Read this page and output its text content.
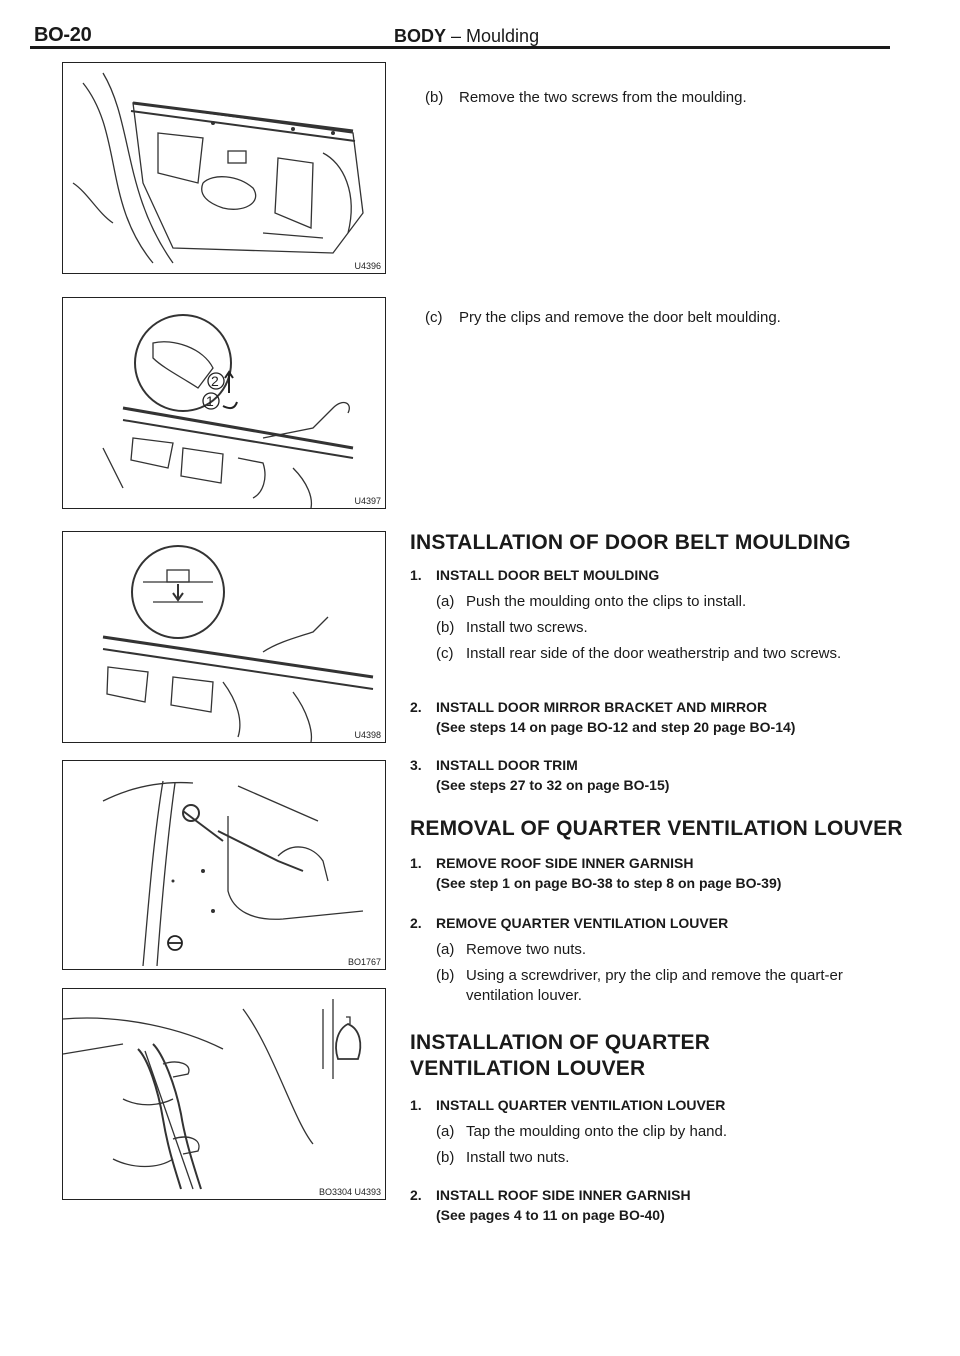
BO-20	BODY – Moulding
U4396
2
1
U4397
U4398
BO1767
BO3304 U4393
(b) Remove the two screws from the moulding.
(c) Pry the clips and remove the door belt moulding.
INSTALLATION OF DOOR BELT MOULDING
1. INSTALL DOOR BELT MOULDING
(a) Push the moulding onto the clips to install.
(b) Install two screws.
(c) Install rear side of the door weatherstrip and two screws.
2. INSTALL DOOR MIRROR BRACKET AND MIRROR
(See steps 14 on page BO-12 and step 20 page BO-14)
3. INSTALL DOOR TRIM
(See steps 27 to 32 on page BO-15)
REMOVAL OF QUARTER VENTILATION LOUVER
1. REMOVE ROOF SIDE INNER GARNISH
(See step 1 on page BO-38 to step 8 on page BO-39)
2. REMOVE QUARTER VENTILATION LOUVER
(a) Remove two nuts.
(b) Using a screwdriver, pry the clip and remove the quart-er ventilation louver.
INSTALLATION OF QUARTER VENTILATION LOUVER
1. INSTALL QUARTER VENTILATION LOUVER
(a) Tap the moulding onto the clip by hand.
(b) Install two nuts.
2. INSTALL ROOF SIDE INNER GARNISH
(See pages 4 to 11 on page BO-40)
